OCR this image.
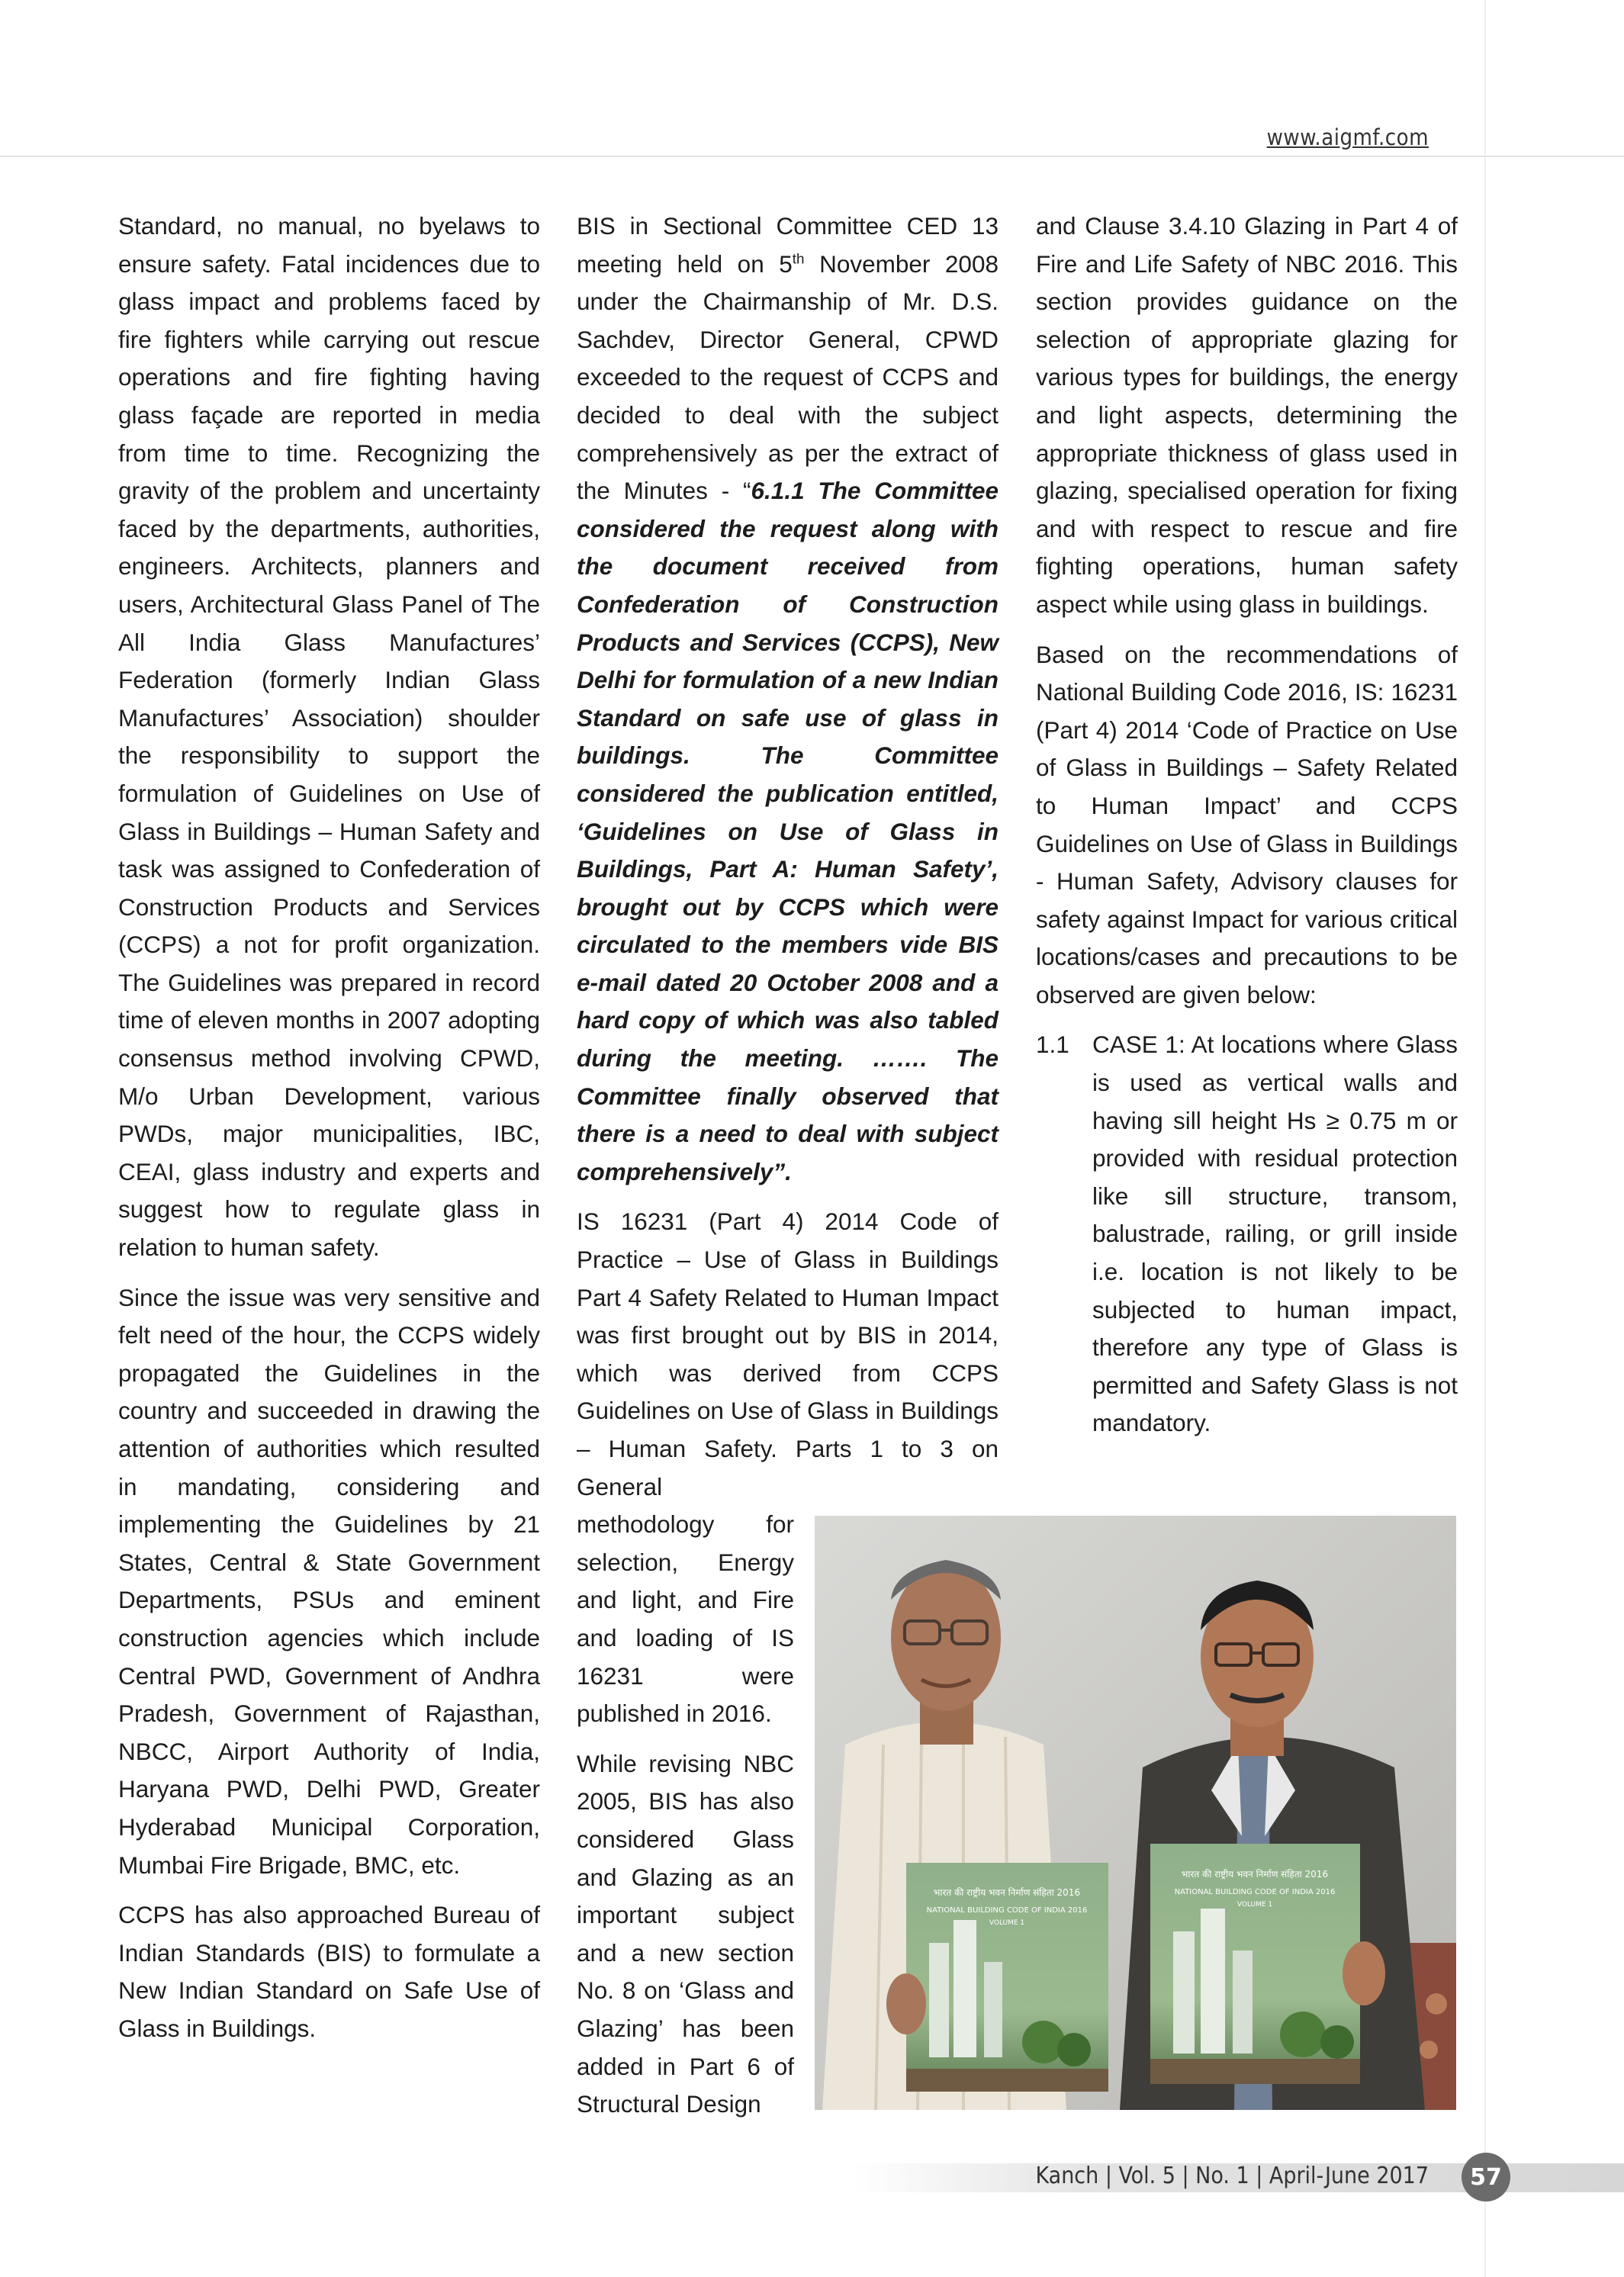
www.aigmf.com

Standard, no manual, no byelaws to ensure safety. Fatal incidences due to glass impact and problems faced by fire fighters while carrying out rescue operations and fire fighting having glass façade are reported in media from time to time. Recognizing the gravity of the problem and uncertainty faced by the departments, authorities, engineers. Architects, planners and users, Architectural Glass Panel of The All India Glass Manufactures’ Federation (formerly Indian Glass Manufactures’ Association) shoulder the responsibility to support the formulation of Guidelines on Use of Glass in Buildings – Human Safety and task was assigned to Confederation of Construction Products and Services (CCPS) a not for profit organization. The Guidelines was prepared in record time of eleven months in 2007 adopting consensus method involving CPWD, M/o Urban Development, various PWDs, major municipalities, IBC, CEAI, glass industry and experts and suggest how to regulate glass in relation to human safety.

Since the issue was very sensitive and felt need of the hour, the CCPS widely propagated the Guidelines in the country and succeeded in drawing the attention of authorities which resulted in mandating, considering and implementing the Guidelines by 21 States, Central & State Government Departments, PSUs and eminent construction agencies which include Central PWD, Government of Andhra Pradesh, Government of Rajasthan, NBCC, Airport Authority of India, Haryana PWD, Delhi PWD, Greater Hyderabad Municipal Corporation, Mumbai Fire Brigade, BMC, etc.

CCPS has also approached Bureau of Indian Standards (BIS) to formulate a New Indian Standard on Safe Use of Glass in Buildings.

BIS in Sectional Committee CED 13 meeting held on 5th November 2008 under the Chairmanship of Mr. D.S. Sachdev, Director General, CPWD exceeded to the request of CCPS and decided to deal with the subject comprehensively as per the extract of the Minutes - “6.1.1 The Committee considered the request along with the document received from Confederation of Construction Products and Services (CCPS), New Delhi for formulation of a new Indian Standard on safe use of glass in buildings. The Committee considered the publication entitled, ‘Guidelines on Use of Glass in Buildings, Part A: Human Safety’, brought out by CCPS which were circulated to the members vide BIS e-mail dated 20 October 2008 and a hard copy of which was also tabled during the meeting. ……. The Committee finally observed that there is a need to deal with subject comprehensively”.

IS 16231 (Part 4) 2014 Code of Practice – Use of Glass in Buildings Part 4 Safety Related to Human Impact was first brought out by BIS in 2014, which was derived from CCPS Guidelines on Use of Glass in Buildings – Human Safety. Parts 1 to 3 on General

methodology for selection, Energy and light, and Fire and loading of IS 16231 were published in 2016.

While revising NBC 2005, BIS has also considered Glass and Glazing as an important subject and a new section No. 8 on ‘Glass and Glazing’ has been added in Part 6 of Structural Design

and Clause 3.4.10 Glazing in Part 4 of Fire and Life Safety of NBC 2016. This section provides guidance on the selection of appropriate glazing for various types for buildings, the energy and light aspects, determining the appropriate thickness of glass used in glazing, specialised operation for fixing and with respect to rescue and fire fighting operations, human safety aspect while using glass in buildings.

Based on the recommendations of National Building Code 2016, IS: 16231 (Part 4) 2014 ‘Code of Practice on Use of Glass in Buildings – Safety Related to Human Impact’ and CCPS Guidelines on Use of Glass in Buildings - Human Safety, Advisory clauses for safety against Impact for various critical locations/cases and precautions to be observed are given below:

1.1 CASE 1: At locations where Glass is used as vertical walls and having sill height Hs ≥ 0.75 m or provided with residual protection like sill structure, transom, balustrade, railing, or grill inside i.e. location is not likely to be subjected to human impact, therefore any type of Glass is permitted and Safety Glass is not mandatory.
भारत की राष्ट्रीय भवन निर्माण संहिता 2016
NATIONAL BUILDING CODE OF INDIA 2016
VOLUME 1
भारत की राष्ट्रीय भवन निर्माण संहिता 2016
NATIONAL BUILDING CODE OF INDIA 2016
VOLUME 1
Kanch | Vol. 5 | No. 1 | April-June 2017	57
